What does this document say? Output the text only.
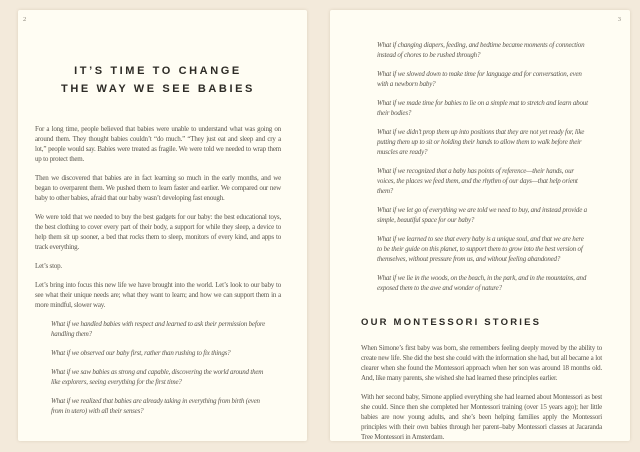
2
IT’S TIME TO CHANGE
THE WAY WE SEE BABIES

For a long time, people believed that babies were unable to understand what was going on around them. They thought babies couldn’t “do much.” “They just eat and sleep and cry a lot,” people would say. Babies were treated as fragile. We were told we needed to wrap them up to protect them.

Then we discovered that babies are in fact learning so much in the early months, and we began to overparent them. We pushed them to learn faster and earlier. We compared our new baby to other babies, afraid that our baby wasn’t developing fast enough.

We were told that we needed to buy the best gadgets for our baby: the best educational toys, the best clothing to cover every part of their body, a support for while they sleep, a device to help them sit up sooner, a bed that rocks them to sleep, monitors of every kind, and apps to track everything.

Let’s stop.

Let’s bring into focus this new life we have brought into the world. Let’s look to our baby to see what their unique needs are; what they want to learn; and how we can support them in a more mindful, slower way.

What if we handled babies with respect and learned to ask their permission before handling them?

What if we observed our baby first, rather than rushing to fix things?

What if we saw babies as strong and capable, discovering the world around them like explorers, seeing everything for the first time?

What if we realized that babies are already taking in everything from birth (even from in utero) with all their senses?

3

What if changing diapers, feeding, and bedtime became moments of connection instead of chores to be rushed through?

What if we slowed down to make time for language and for conversation, even with a newborn baby?

What if we made time for babies to lie on a simple mat to stretch and learn about their bodies?

What if we didn’t prop them up into positions that they are not yet ready for, like putting them up to sit or holding their hands to allow them to walk before their muscles are ready?

What if we recognized that a baby has points of reference—their hands, our voices, the places we feed them, and the rhythm of our days—that help orient them?

What if we let go of everything we are told we need to buy, and instead provide a simple, beautiful space for our baby?

What if we learned to see that every baby is a unique soul, and that we are here to be their guide on this planet, to support them to grow into the best version of themselves, without pressure from us, and without feeling abandoned?

What if we lie in the woods, on the beach, in the park, and in the mountains, and exposed them to the awe and wonder of nature?

OUR MONTESSORI STORIES

When Simone’s first baby was born, she remembers feeling deeply moved by the ability to create new life. She did the best she could with the information she had, but all became a lot clearer when she found the Montessori approach when her son was around 18 months old. And, like many parents, she wished she had learned these principles earlier.

With her second baby, Simone applied everything she had learned about Montessori as best she could. Since then she completed her Montessori training (over 15 years ago); her little babies are now young adults, and she’s been helping families apply the Montessori principles with their own babies through her parent–baby Montessori classes at Jacaranda Tree Montessori in Amsterdam.
